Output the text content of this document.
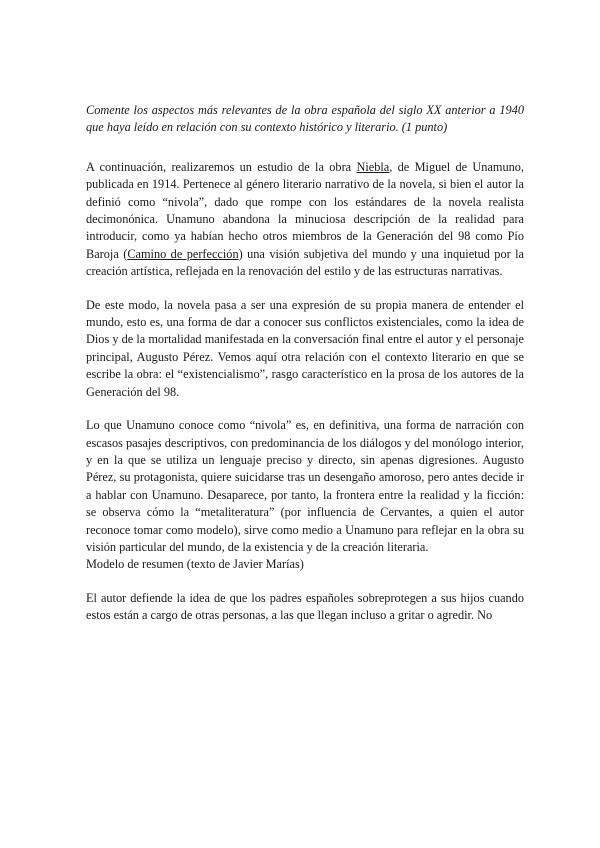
Comente los aspectos más relevantes de la obra española del siglo XX anterior a 1940 que haya leído en relación con su contexto histórico y literario. (1 punto)

A continuación, realizaremos un estudio de la obra Niebla, de Miguel de Unamuno, publicada en 1914. Pertenece al género literario narrativo de la novela, si bien el autor la definió como “nivola”, dado que rompe con los estándares de la novela realista decimonónica. Unamuno abandona la minuciosa descripción de la realidad para introducir, como ya habían hecho otros miembros de la Generación del 98 como Pío Baroja (Camino de perfección) una visión subjetiva del mundo y una inquietud por la creación artística, reflejada en la renovación del estilo y de las estructuras narrativas.

De este modo, la novela pasa a ser una expresión de su propia manera de entender el mundo, esto es, una forma de dar a conocer sus conflictos existenciales, como la idea de Dios y de la mortalidad manifestada en la conversación final entre el autor y el personaje principal, Augusto Pérez. Vemos aquí otra relación con el contexto literario en que se escribe la obra: el “existencialismo”, rasgo característico en la prosa de los autores de la Generación del 98.

Lo que Unamuno conoce como “nivola” es, en definitiva, una forma de narración con escasos pasajes descriptivos, con predominancia de los diálogos y del monólogo interior, y en la que se utiliza un lenguaje preciso y directo, sin apenas digresiones. Augusto Pérez, su protagonista, quiere suicidarse tras un desengaño amoroso, pero antes decide ir a hablar con Unamuno. Desaparece, por tanto, la frontera entre la realidad y la ficción: se observa cómo la “metaliteratura” (por influencia de Cervantes, a quien el autor reconoce tomar como modelo), sirve como medio a Unamuno para reflejar en la obra su visión particular del mundo, de la existencia y de la creación literaria.

Modelo de resumen (texto de Javier Marías)

El autor defiende la idea de que los padres españoles sobreprotegen a sus hijos cuando estos están a cargo de otras personas, a las que llegan incluso a gritar o agredir. No
